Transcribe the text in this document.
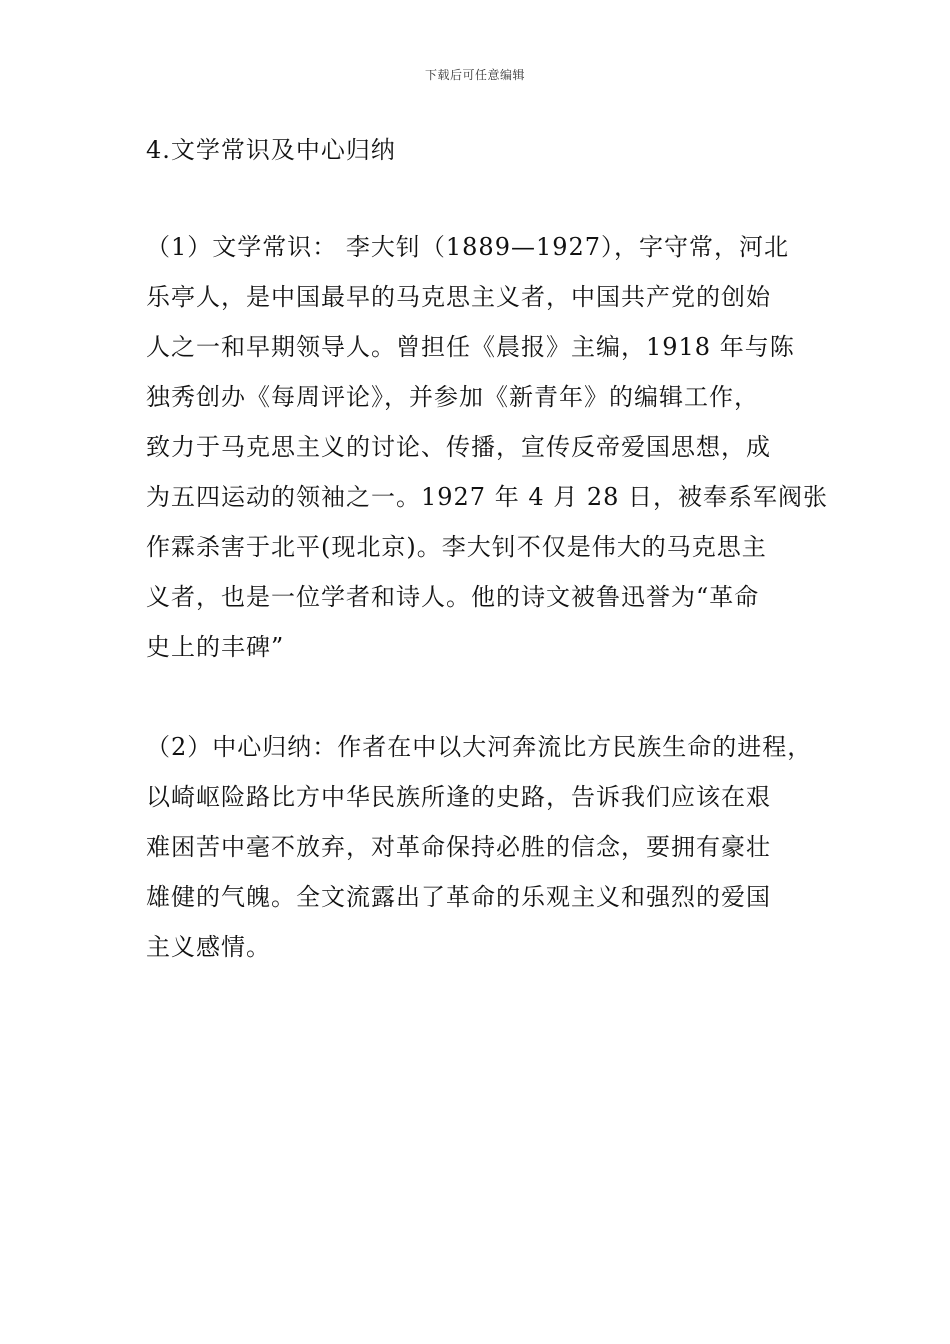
下载后可任意编辑
4.文学常识及中心归纳
（1）文学常识： 李大钊（1889—1927），字守常，河北
乐亭人，是中国最早的马克思主义者，中国共产党的创始
人之一和早期领导人。曾担任《晨报》主编，1918 年与陈
独秀创办《每周评论》，并参加《新青年》的编辑工作，
致力于马克思主义的讨论、传播，宣传反帝爱国思想，成
为五四运动的领袖之一。1927 年 4 月 28 日，被奉系军阀张
作霖杀害于北平(现北京)。李大钊不仅是伟大的马克思主
义者，也是一位学者和诗人。他的诗文被鲁迅誉为“革命
史上的丰碑”
（2）中心归纳：作者在中以大河奔流比方民族生命的进程，
以崎岖险路比方中华民族所逢的史路，告诉我们应该在艰
难困苦中毫不放弃，对革命保持必胜的信念，要拥有豪壮
雄健的气魄。全文流露出了革命的乐观主义和强烈的爱国
主义感情。
